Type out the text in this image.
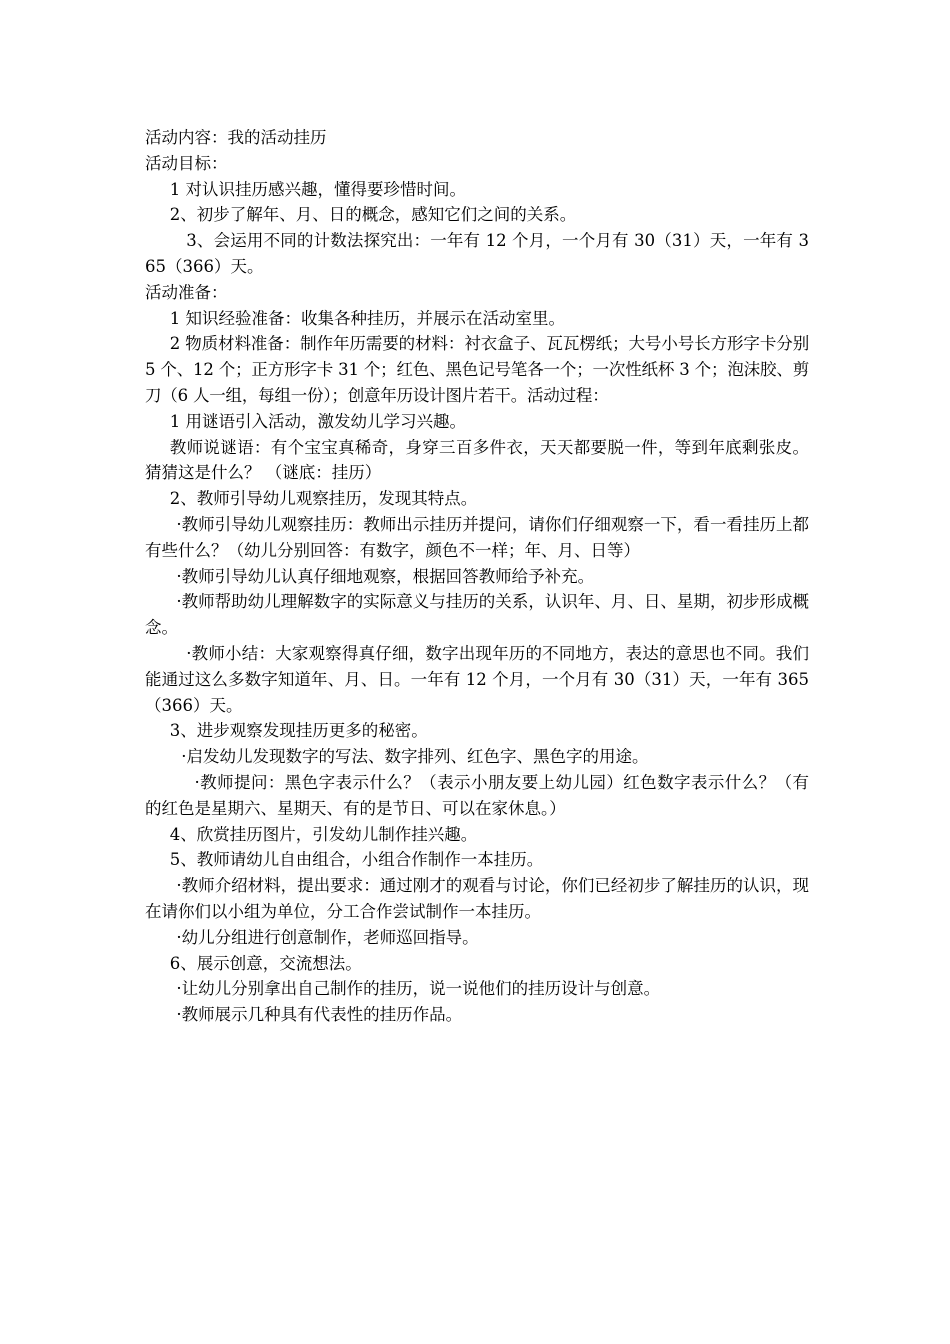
活动内容：我的活动挂历

活动目标：

1 对认识挂历感兴趣，懂得要珍惜时间。

2、初步了解年、月、日的概念，感知它们之间的关系。

3、会运用不同的计数法探究出：一年有 12 个月，一个月有 30（31）天，一年有 365（366）天。

活动准备：

1 知识经验准备：收集各种挂历，并展示在活动室里。

2 物质材料准备：制作年历需要的材料：衬衣盒子、瓦瓦楞纸；大号小号长方形字卡分别 5 个、12 个；正方形字卡 31 个；红色、黑色记号笔各一个；一次性纸杯 3 个；泡沫胶、剪刀（6 人一组，每组一份）；创意年历设计图片若干。活动过程：

1 用谜语引入活动，激发幼儿学习兴趣。

教师说谜语：有个宝宝真稀奇，身穿三百多件衣，天天都要脱一件，等到年底剩张皮。猜猜这是什么？ （谜底：挂历）

2、教师引导幼儿观察挂历，发现其特点。

·教师引导幼儿观察挂历：教师出示挂历并提问，请你们仔细观察一下，看一看挂历上都有些什么？（幼儿分别回答：有数字，颜色不一样；年、月、日等）

·教师引导幼儿认真仔细地观察，根据回答教师给予补充。

·教师帮助幼儿理解数字的实际意义与挂历的关系，认识年、月、日、星期，初步形成概念。

·教师小结：大家观察得真仔细，数字出现年历的不同地方，表达的意思也不同。我们能通过这么多数字知道年、月、日。一年有 12 个月，一个月有 30（31）天，一年有 365（366）天。

3、进步观察发现挂历更多的秘密。

·启发幼儿发现数字的写法、数字排列、红色字、黑色字的用途。

·教师提问：黑色字表示什么？（表示小朋友要上幼儿园）红色数字表示什么？（有的红色是星期六、星期天、有的是节日、可以在家休息。）

4、欣赏挂历图片，引发幼儿制作挂兴趣。

5、教师请幼儿自由组合，小组合作制作一本挂历。

·教师介绍材料，提出要求：通过刚才的观看与讨论，你们已经初步了解挂历的认识，现在请你们以小组为单位，分工合作尝试制作一本挂历。

·幼儿分组进行创意制作，老师巡回指导。

6、展示创意，交流想法。

·让幼儿分别拿出自己制作的挂历，说一说他们的挂历设计与创意。

·教师展示几种具有代表性的挂历作品。
